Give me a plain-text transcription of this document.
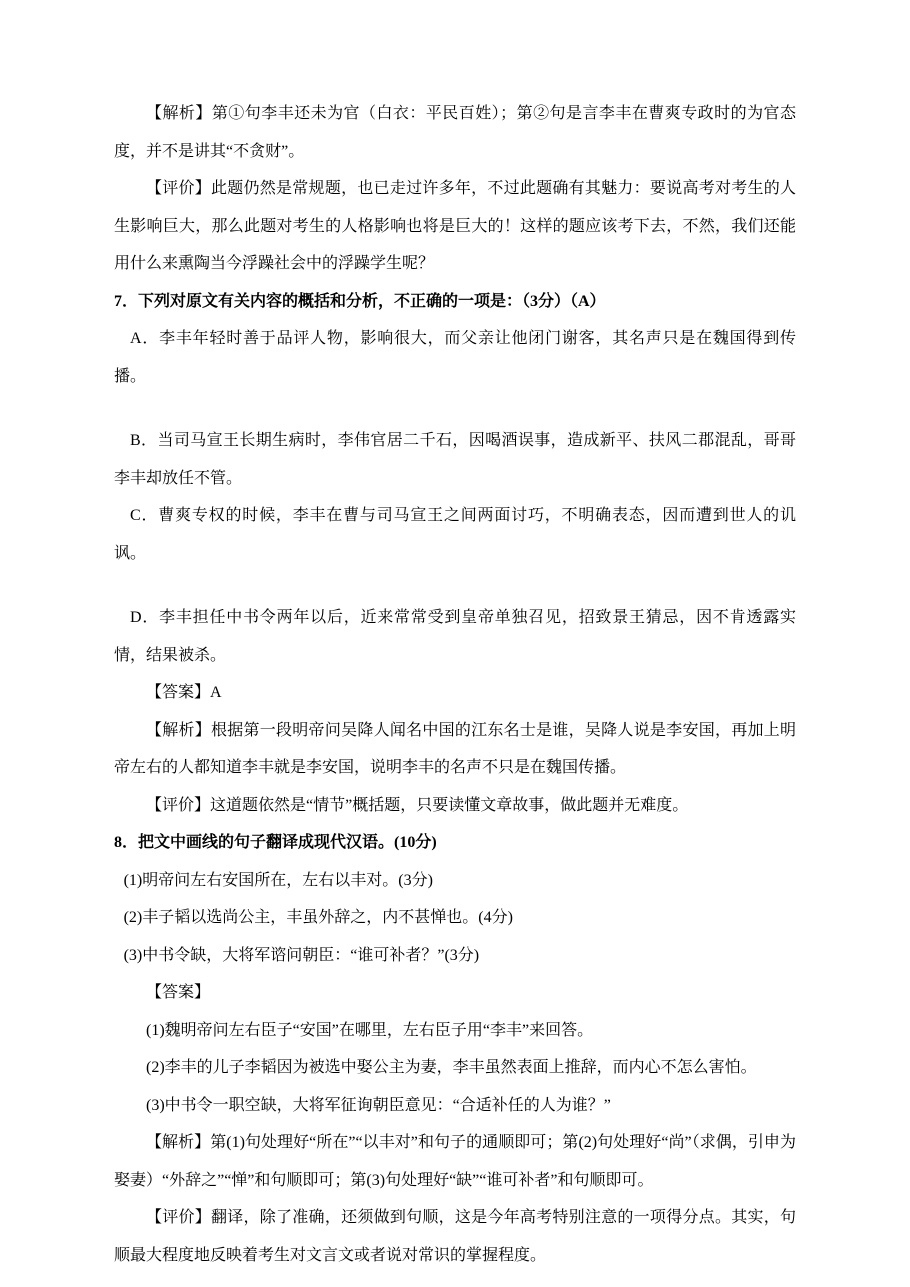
【解析】第①句李丰还未为官（白衣：平民百姓）；第②句是言李丰在曹爽专政时的为官态度，并不是讲其“不贪财”。

【评价】此题仍然是常规题，也已走过许多年，不过此题确有其魅力：要说高考对考生的人生影响巨大，那么此题对考生的人格影响也将是巨大的！这样的题应该考下去，不然，我们还能用什么来熏陶当今浮躁社会中的浮躁学生呢？

7．下列对原文有关内容的概括和分析，不正确的一项是：（3分）（A）

A．李丰年轻时善于品评人物，影响很大，而父亲让他闭门谢客，其名声只是在魏国得到传播。

B．当司马宣王长期生病时，李伟官居二千石，因喝酒误事，造成新平、扶风二郡混乱，哥哥李丰却放任不管。

C．曹爽专权的时候，李丰在曹与司马宣王之间两面讨巧，不明确表态，因而遭到世人的讥讽。

D．李丰担任中书令两年以后，近来常常受到皇帝单独召见，招致景王猜忌，因不肯透露实情，结果被杀。

【答案】A

【解析】根据第一段明帝问吴降人闻名中国的江东名士是谁，吴降人说是李安国，再加上明帝左右的人都知道李丰就是李安国，说明李丰的名声不只是在魏国传播。

【评价】这道题依然是“情节”概括题，只要读懂文章故事，做此题并无难度。

8．把文中画线的句子翻译成现代汉语。(10分)

(1)明帝问左右安国所在，左右以丰对。(3分)

(2)丰子韬以选尚公主，丰虽外辞之，内不甚惮也。(4分)

(3)中书令缺，大将军谘问朝臣：“谁可补者？”(3分)

【答案】

(1)魏明帝问左右臣子“安国”在哪里，左右臣子用“李丰”来回答。

(2)李丰的儿子李韬因为被选中娶公主为妻，李丰虽然表面上推辞，而内心不怎么害怕。

(3)中书令一职空缺，大将军征询朝臣意见：“合适补任的人为谁？”

【解析】第(1)句处理好“所在”“以丰对”和句子的通顺即可；第(2)句处理好“尚”（求偶，引申为娶妻）“外辞之”“惮”和句顺即可；第(3)句处理好“缺”“谁可补者”和句顺即可。

【评价】翻译，除了准确，还须做到句顺，这是今年高考特别注意的一项得分点。其实，句顺最大程度地反映着考生对文言文或者说对常识的掌握程度。
